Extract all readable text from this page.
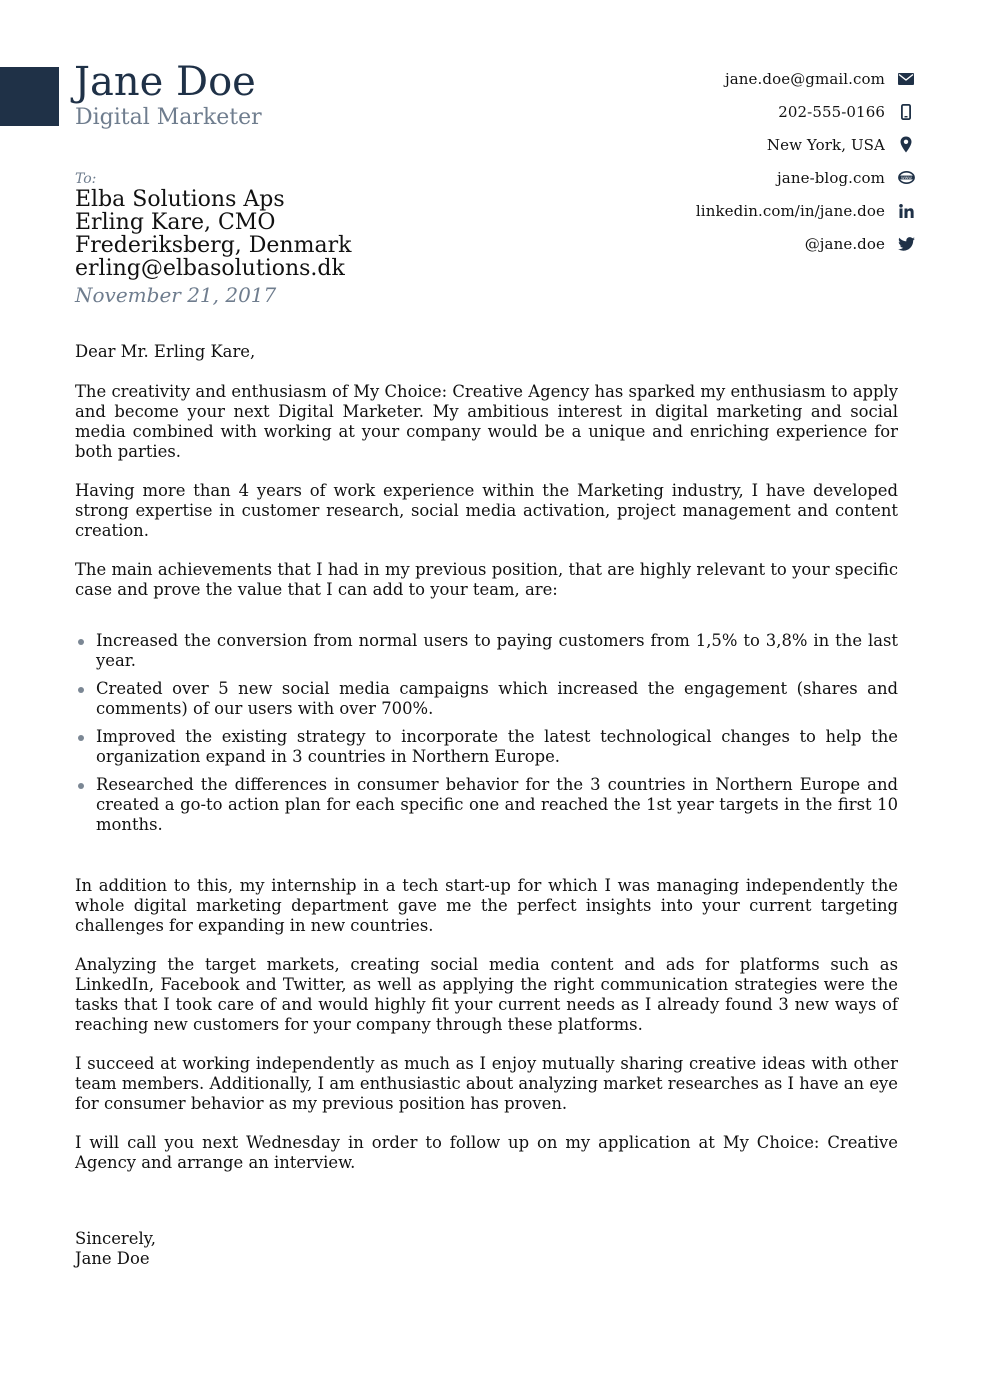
Jane Doe
Digital Marketer
jane.doe@gmail.com
202-555-0166
New York, USA
jane-blog.com	WWW
linkedin.com/in/jane.doe
@jane.doe
To:
Elba Solutions Aps
Erling Kare, CMO
Frederiksberg, Denmark
erling@elbasolutions.dk
November 21, 2017

Dear Mr. Erling Kare,

The creativity and enthusiasm of My Choice: Creative Agency has sparked my enthusiasm to apply and become your next Digital Marketer. My ambitious interest in digital marketing and social media combined with working at your company would be a unique and enriching experience for both parties.

Having more than 4 years of work experience within the Marketing industry, I have developed strong expertise in customer research, social media activation, project management and content creation.

The main achievements that I had in my previous position, that are highly relevant to your specific case and prove the value that I can add to your team, are:

Increased the conversion from normal users to paying customers from 1,5% to 3,8% in the last year.
Created over 5 new social media campaigns which increased the engagement (shares and comments) of our users with over 700%.
Improved the existing strategy to incorporate the latest technological changes to help the organization expand in 3 countries in Northern Europe.
Researched the differences in consumer behavior for the 3 countries in Northern Europe and created a go-to action plan for each specific one and reached the 1st year targets in the first 10 months.

In addition to this, my internship in a tech start-up for which I was managing independently the whole digital marketing department gave me the perfect insights into your current targeting challenges for expanding in new countries.

Analyzing the target markets, creating social media content and ads for platforms such as LinkedIn, Facebook and Twitter, as well as applying the right communication strategies were the tasks that I took care of and would highly fit your current needs as I already found 3 new ways of reaching new customers for your company through these platforms.

I succeed at working independently as much as I enjoy mutually sharing creative ideas with other team members. Additionally, I am enthusiastic about analyzing market researches as I have an eye for consumer behavior as my previous position has proven.

I will call you next Wednesday in order to follow up on my application at My Choice: Creative Agency and arrange an interview.

Sincerely,
Jane Doe
